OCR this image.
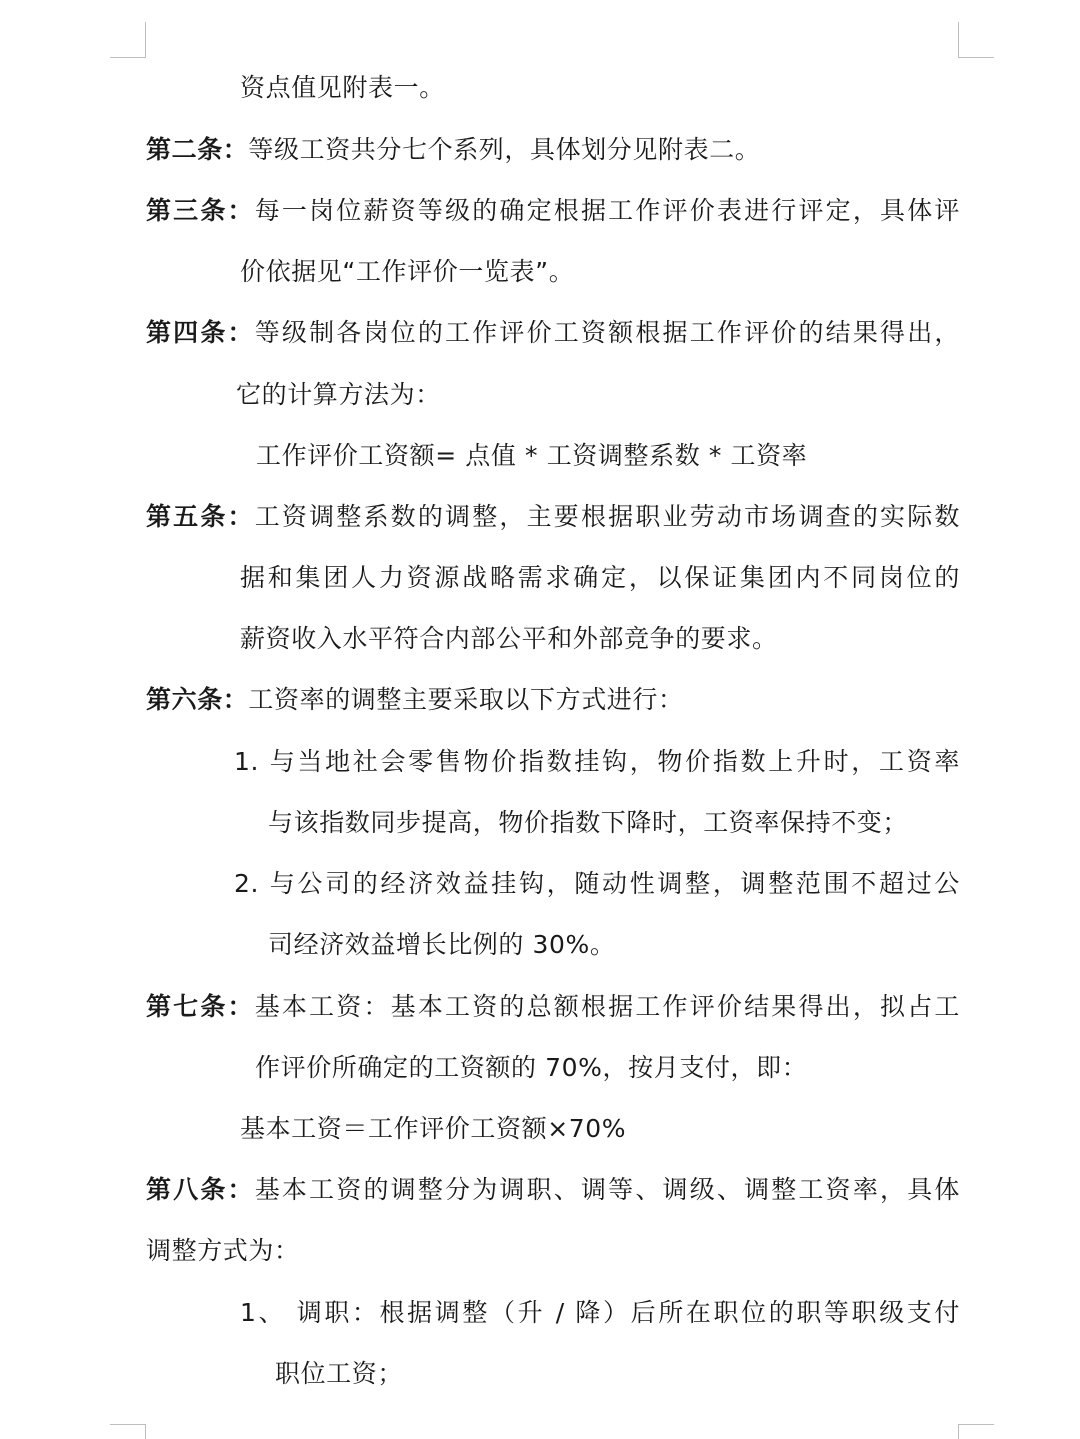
资点值见附表一。
第二条：等级工资共分七个系列，具体划分见附表二。
第三条：每一岗位薪资等级的确定根据工作评价表进行评定，具体评
价依据见“工作评价一览表”。
第四条：等级制各岗位的工作评价工资额根据工作评价的结果得出，
它的计算方法为：
工作评价工资额= 点值 * 工资调整系数 * 工资率
第五条：工资调整系数的调整，主要根据职业劳动市场调查的实际数
据和集团人力资源战略需求确定，以保证集团内不同岗位的
薪资收入水平符合内部公平和外部竞争的要求。
第六条：工资率的调整主要采取以下方式进行：
1. 与当地社会零售物价指数挂钩，物价指数上升时，工资率
与该指数同步提高，物价指数下降时，工资率保持不变；
2. 与公司的经济效益挂钩，随动性调整，调整范围不超过公
司经济效益增长比例的 30%。
第七条：基本工资：基本工资的总额根据工作评价结果得出，拟占工
作评价所确定的工资额的 70%，按月支付，即：
基本工资＝工作评价工资额×70%
第八条：基本工资的调整分为调职、调等、调级、调整工资率，具体
调整方式为：
1、 调职：根据调整（升 / 降）后所在职位的职等职级支付
职位工资；
